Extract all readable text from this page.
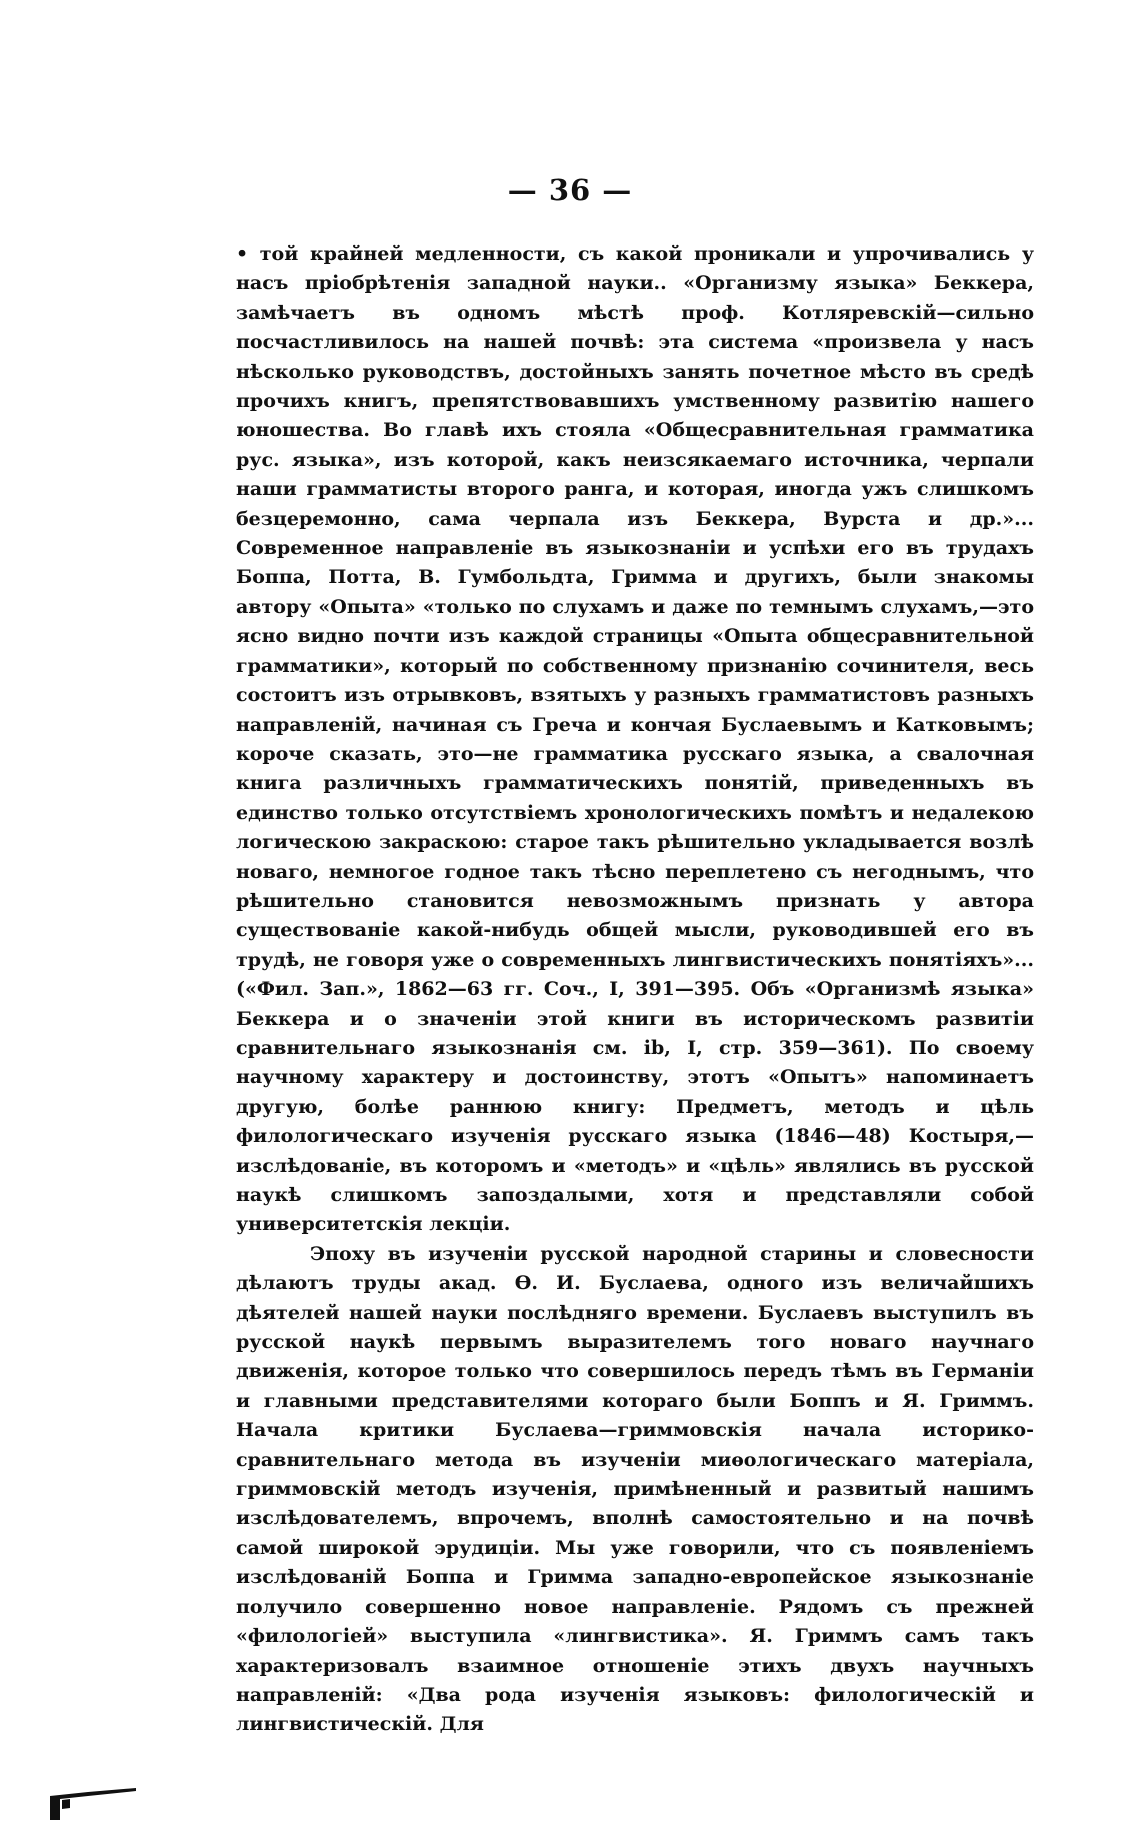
— 36 —

• той крайней медленности, съ какой проникали и упрочивались у насъ пріобрѣтенія западной науки.. «Организму языка» Беккера, замѣчаетъ въ одномъ мѣстѣ проф. Котляревскій—сильно посчастливилось на нашей почвѣ: эта система «произвела у насъ нѣсколько руководствъ, достойныхъ занять почетное мѣсто въ средѣ прочихъ книгъ, препятствовавшихъ умственному развитію нашего юношества. Во главѣ ихъ стояла «Общесравнительная грамматика рус. языка», изъ которой, какъ неизсякаемаго источника, черпали наши грамматисты второго ранга, и которая, иногда ужъ слишкомъ безцеремонно, сама черпала изъ Беккера, Вурста и др.»... Современное направленіе въ языкознаніи и успѣхи его въ трудахъ Боппа, Потта, В. Гумбольдта, Гримма и другихъ, были знакомы автору «Опыта» «только по слухамъ и даже по темнымъ слухамъ,—это ясно видно почти изъ каждой страницы «Опыта общесравнительной грамматики», который по собственному признанію сочинителя, весь состоитъ изъ отрывковъ, взятыхъ у разныхъ грамматистовъ разныхъ направленій, начиная съ Греча и кончая Буслаевымъ и Катковымъ; короче сказать, это—не грамматика русскаго языка, а свалочная книга различныхъ грамматическихъ понятій, приведенныхъ въ единство только отсутствіемъ хронологическихъ помѣтъ и недалекою логическою закраскою: старое такъ рѣшительно укладывается возлѣ новаго, немногое годное такъ тѣсно переплетено съ негоднымъ, что рѣшительно становится невозможнымъ признать у автора существованіе какой-нибудь общей мысли, руководившей его въ трудѣ, не говоря уже о современныхъ лингвистическихъ понятіяхъ»... («Фил. Зап.», 1862—63 гг. Соч., I, 391—395. Объ «Организмѣ языка» Беккера и о значеніи этой книги въ историческомъ развитіи сравнительнаго языкознанія см. ib, I, стр. 359—361). По своему научному характеру и достоинству, этотъ «Опытъ» напоминаетъ другую, болѣе раннюю книгу: Предметъ, методъ и цѣль филологическаго изученія русскаго языка (1846—48) Костыря,—изслѣдованіе, въ которомъ и «методъ» и «цѣль» являлись въ русской наукѣ слишкомъ запоздалыми, хотя и представляли собой университетскія лекціи.

Эпоху въ изученіи русской народной старины и словесности дѣлаютъ труды акад. Ѳ. И. Буслаева, одного изъ величайшихъ дѣятелей нашей науки послѣдняго времени. Буслаевъ выступилъ въ русской наукѣ первымъ выразителемъ того новаго научнаго движенія, которое только что совершилось передъ тѣмъ въ Германіи и главными представителями котораго были Боппъ и Я. Гриммъ. Начала критики Буслаева—гриммовскія начала историко-сравнительнаго метода въ изученіи миѳологическаго матеріала, гриммовскій методъ изученія, примѣненный и развитый нашимъ изслѣдователемъ, впрочемъ, вполнѣ самостоятельно и на почвѣ самой широкой эрудиціи. Мы уже говорили, что съ появленіемъ изслѣдованій Боппа и Гримма западно-европейское языкознаніе получило совершенно новое направленіе. Рядомъ съ прежней «филологіей» выступила «лингвистика». Я. Гриммъ самъ такъ характеризовалъ взаимное отношеніе этихъ двухъ научныхъ направленій: «Два рода изученія языковъ: филологическій и лингвистическій. Для
